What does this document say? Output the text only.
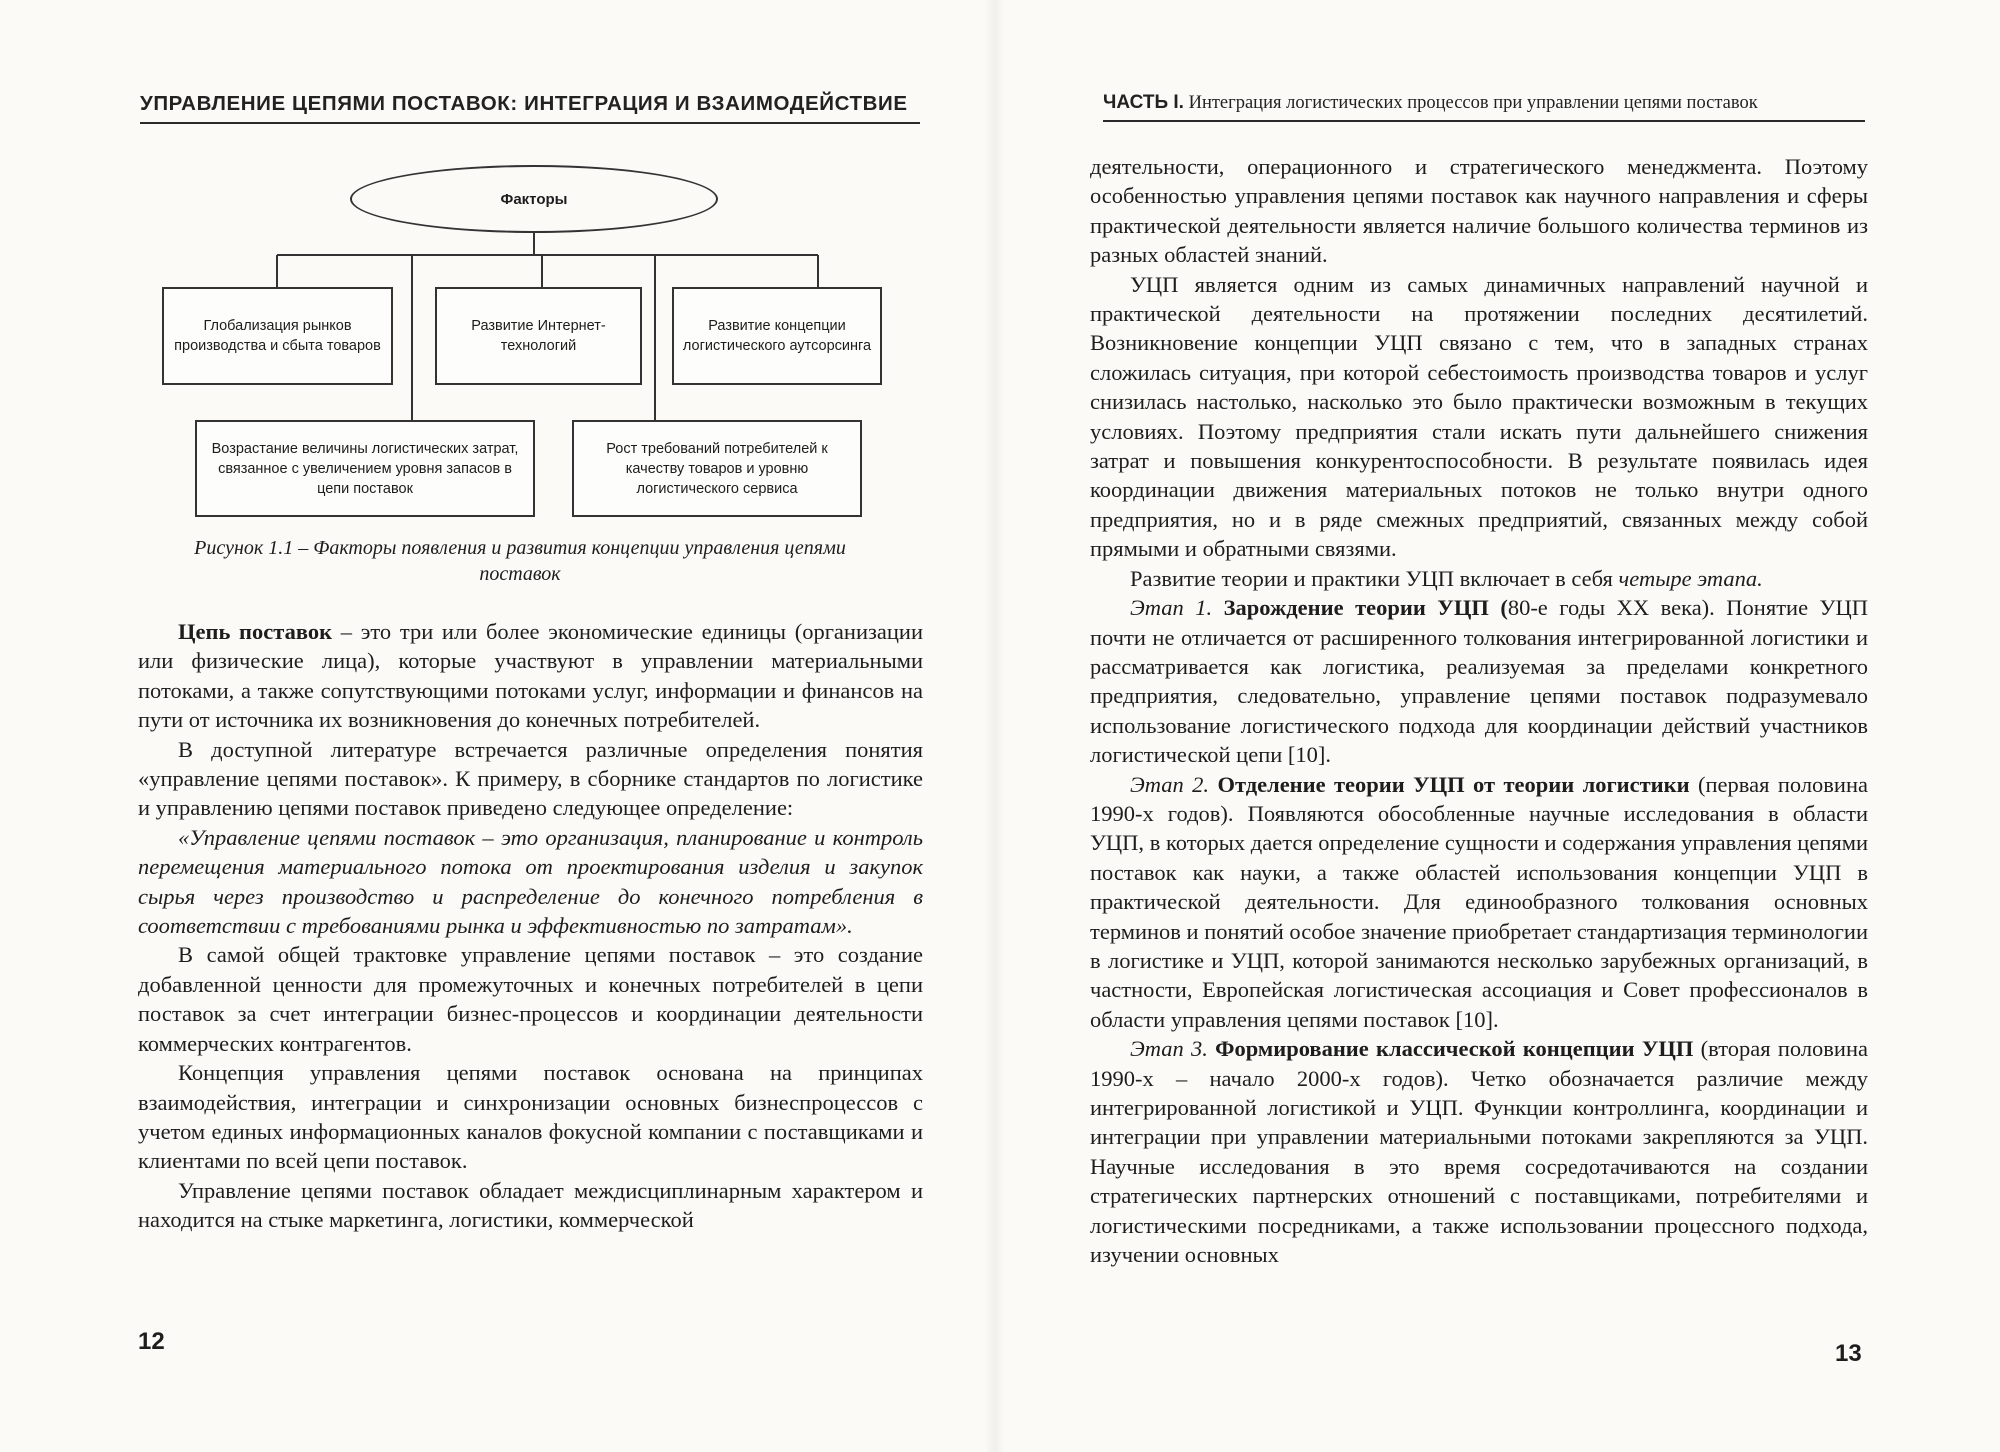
УПРАВЛЕНИЕ ЦЕПЯМИ ПОСТАВОК: ИНТЕГРАЦИЯ И ВЗАИМОДЕЙСТВИЕ
Факторы
Глобализация рынков производства и сбыта товаров
Развитие Интернет-технологий
Развитие концепции логистического аутсорсинга
Возрастание величины логистических затрат, связанное с увеличением уровня запасов в цепи поставок
Рост требований потребителей к качеству товаров и уровню логистического сервиса
Рисунок 1.1 – Факторы появления и развития концепции управления цепями поставок

Цепь поставок – это три или более экономические единицы (организации или физические лица), которые участвуют в управлении материальными потоками, а также сопутствующими потоками услуг, информации и финансов на пути от источника их возникновения до конечных потребителей.

В доступной литературе встречается различные определения понятия «управление цепями поставок». К примеру, в сборнике стандартов по логистике и управлению цепями поставок приведено следующее определение:

«Управление цепями поставок – это организация, планирование и контроль перемещения материального потока от проектирования изделия и закупок сырья через производство и распределение до конечного потребления в соответствии с требованиями рынка и эффективностью по затратам».

В самой общей трактовке управление цепями поставок – это создание добавленной ценности для промежуточных и конечных потребителей в цепи поставок за счет интеграции бизнес-процессов и координации деятельности коммерческих контрагентов.

Концепция управления цепями поставок основана на принципах взаимодействия, интеграции и синхронизации основных бизнеспроцессов с учетом единых информационных каналов фокусной компании с поставщиками и клиентами по всей цепи поставок.

Управление цепями поставок обладает междисциплинарным характером и находится на стыке маркетинга, логистики, коммерческой

12
ЧАСТЬ I. Интеграция логистических процессов при управлении цепями поставок

деятельности, операционного и стратегического менеджмента. Поэтому особенностью управления цепями поставок как научного направления и сферы практической деятельности является наличие большого количества терминов из разных областей знаний.

УЦП является одним из самых динамичных направлений научной и практической деятельности на протяжении последних десятилетий. Возникновение концепции УЦП связано с тем, что в западных странах сложилась ситуация, при которой себестоимость производства товаров и услуг снизилась настолько, насколько это было практически возможным в текущих условиях. Поэтому предприятия стали искать пути дальнейшего снижения затрат и повышения конкурентоспособности. В результате появилась идея координации движения материальных потоков не только внутри одного предприятия, но и в ряде смежных предприятий, связанных между собой прямыми и обратными связями.

Развитие теории и практики УЦП включает в себя четыре этапа.

Этап 1. Зарождение теории УЦП (80-е годы XX века). Понятие УЦП почти не отличается от расширенного толкования интегрированной логистики и рассматривается как логистика, реализуемая за пределами конкретного предприятия, следовательно, управление цепями поставок подразумевало использование логистического подхода для координации действий участников логистической цепи [10].

Этап 2. Отделение теории УЦП от теории логистики (первая половина 1990-х годов). Появляются обособленные научные исследования в области УЦП, в которых дается определение сущности и содержания управления цепями поставок как науки, а также областей использования концепции УЦП в практической деятельности. Для единообразного толкования основных терминов и понятий особое значение приобретает стандартизация терминологии в логистике и УЦП, которой занимаются несколько зарубежных организаций, в частности, Европейская логистическая ассоциация и Совет профессионалов в области управления цепями поставок [10].

Этап 3. Формирование классической концепции УЦП (вторая половина 1990-х – начало 2000-х годов). Четко обозначается различие между интегрированной логистикой и УЦП. Функции контроллинга, координации и интеграции при управлении материальными потоками закрепляются за УЦП. Научные исследования в это время сосредотачиваются на создании стратегических партнерских отношений с поставщиками, потребителями и логистическими посредниками, а также использовании процессного подхода, изучении основных

13
